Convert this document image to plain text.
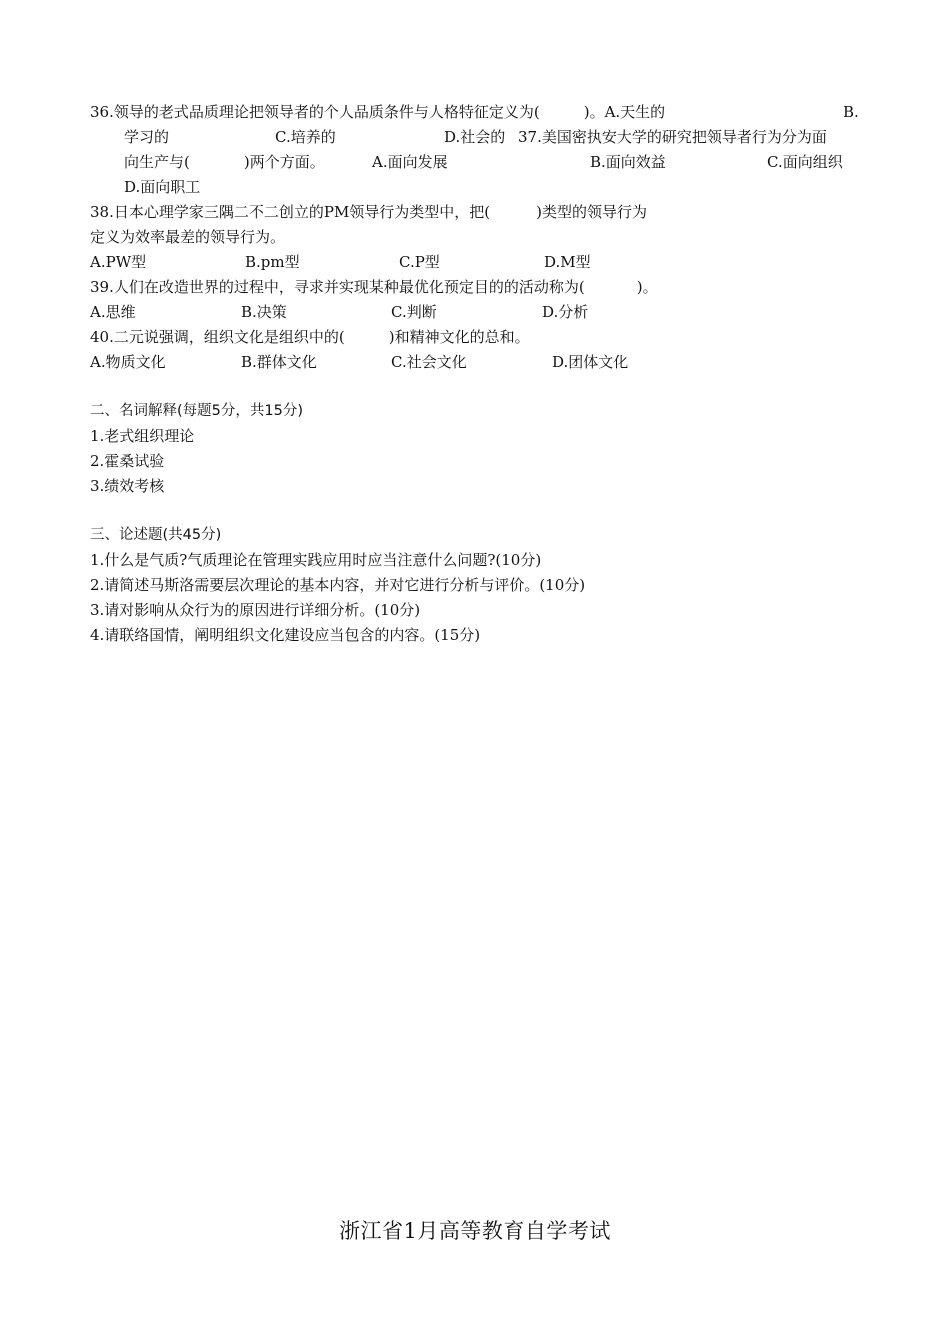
36.领导的老式品质理论把领导者的个人品质条件与人格特征定义为(	)。A.天生的	B.
学习的	C.培养的	D.社会的 37.美国密执安大学的研究把领导者行为分为面
向生产与(	)两个方面。	A.面向发展	B.面向效益	C.面向组织
D.面向职工
38.日本心理学家三隅二不二创立的PM领导行为类型中，把(	)类型的领导行为
定义为效率最差的领导行为。
A.PW型	B.pm型	C.P型	D.M型
39.人们在改造世界的过程中，寻求并实现某种最优化预定目的的活动称为(	)。
A.思维	B.决策	C.判断	D.分析
40.二元说强调，组织文化是组织中的(	)和精神文化的总和。
A.物质文化	B.群体文化	C.社会文化	D.团体文化
二、名词解释(每题5分，共15分)
1.老式组织理论
2.霍桑试验
3.绩效考核
三、论述题(共45分)
1.什么是气质?气质理论在管理实践应用时应当注意什么问题?(10分)
2.请简述马斯洛需要层次理论的基本内容，并对它进行分析与评价。(10分)
3.请对影响从众行为的原因进行详细分析。(10分)
4.请联络国情，阐明组织文化建设应当包含的内容。(15分)
浙江省1月高等教育自学考试
